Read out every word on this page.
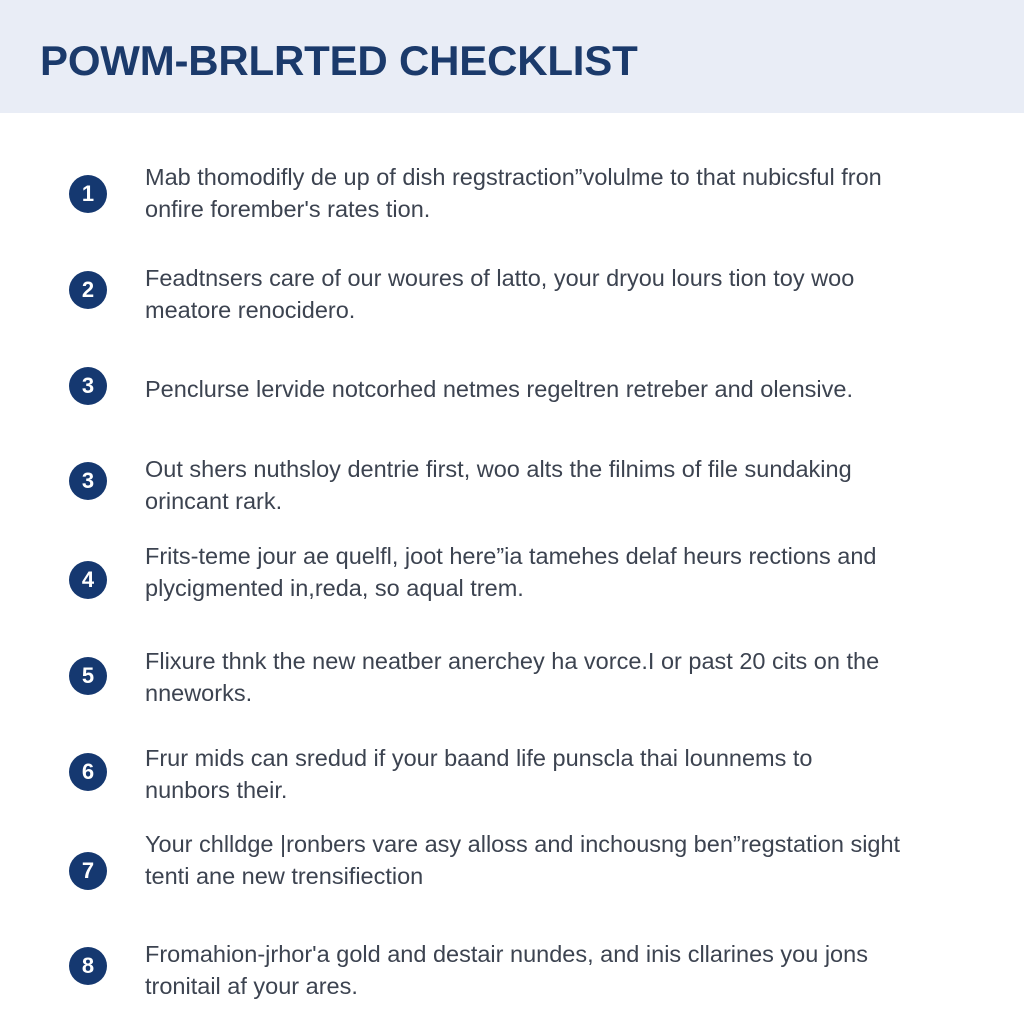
POWM-BRLRTED CHECKLIST
1

Mab thomodifly de up of dish regstraction”volulme to that nubicsful fron
onfire forember's rates tion.

2	Feadtnsers care of our woures of latto, your dryou lours tion toy woo
meatore renocidero.

3	Penclurse lervide notcorhed netmes regeltren retreber and olensive.

3	Out shers nuthsloy dentrie first, woo alts the filnims of file sundaking
orincant rark.

4

Frits-teme jour ae quelfl, joot here”ia tamehes delaf heurs rections and
plycigmented in,reda, so aqual trem.

5

Flixure thnk the new neatber anerchey ha vorce.I or past 20 cits on the
nneworks.

6

Frur mids can sredud if your baand life punscla thai lounnems to
nunbors their.

7

Your chlldge |ronbers vare asy alloss and inchousng ben”regstation sight
tenti ane new trensifiection

8	Fromahion-jrhor'a gold and destair nundes, and inis cllarines you jons
tronitail af your ares.
